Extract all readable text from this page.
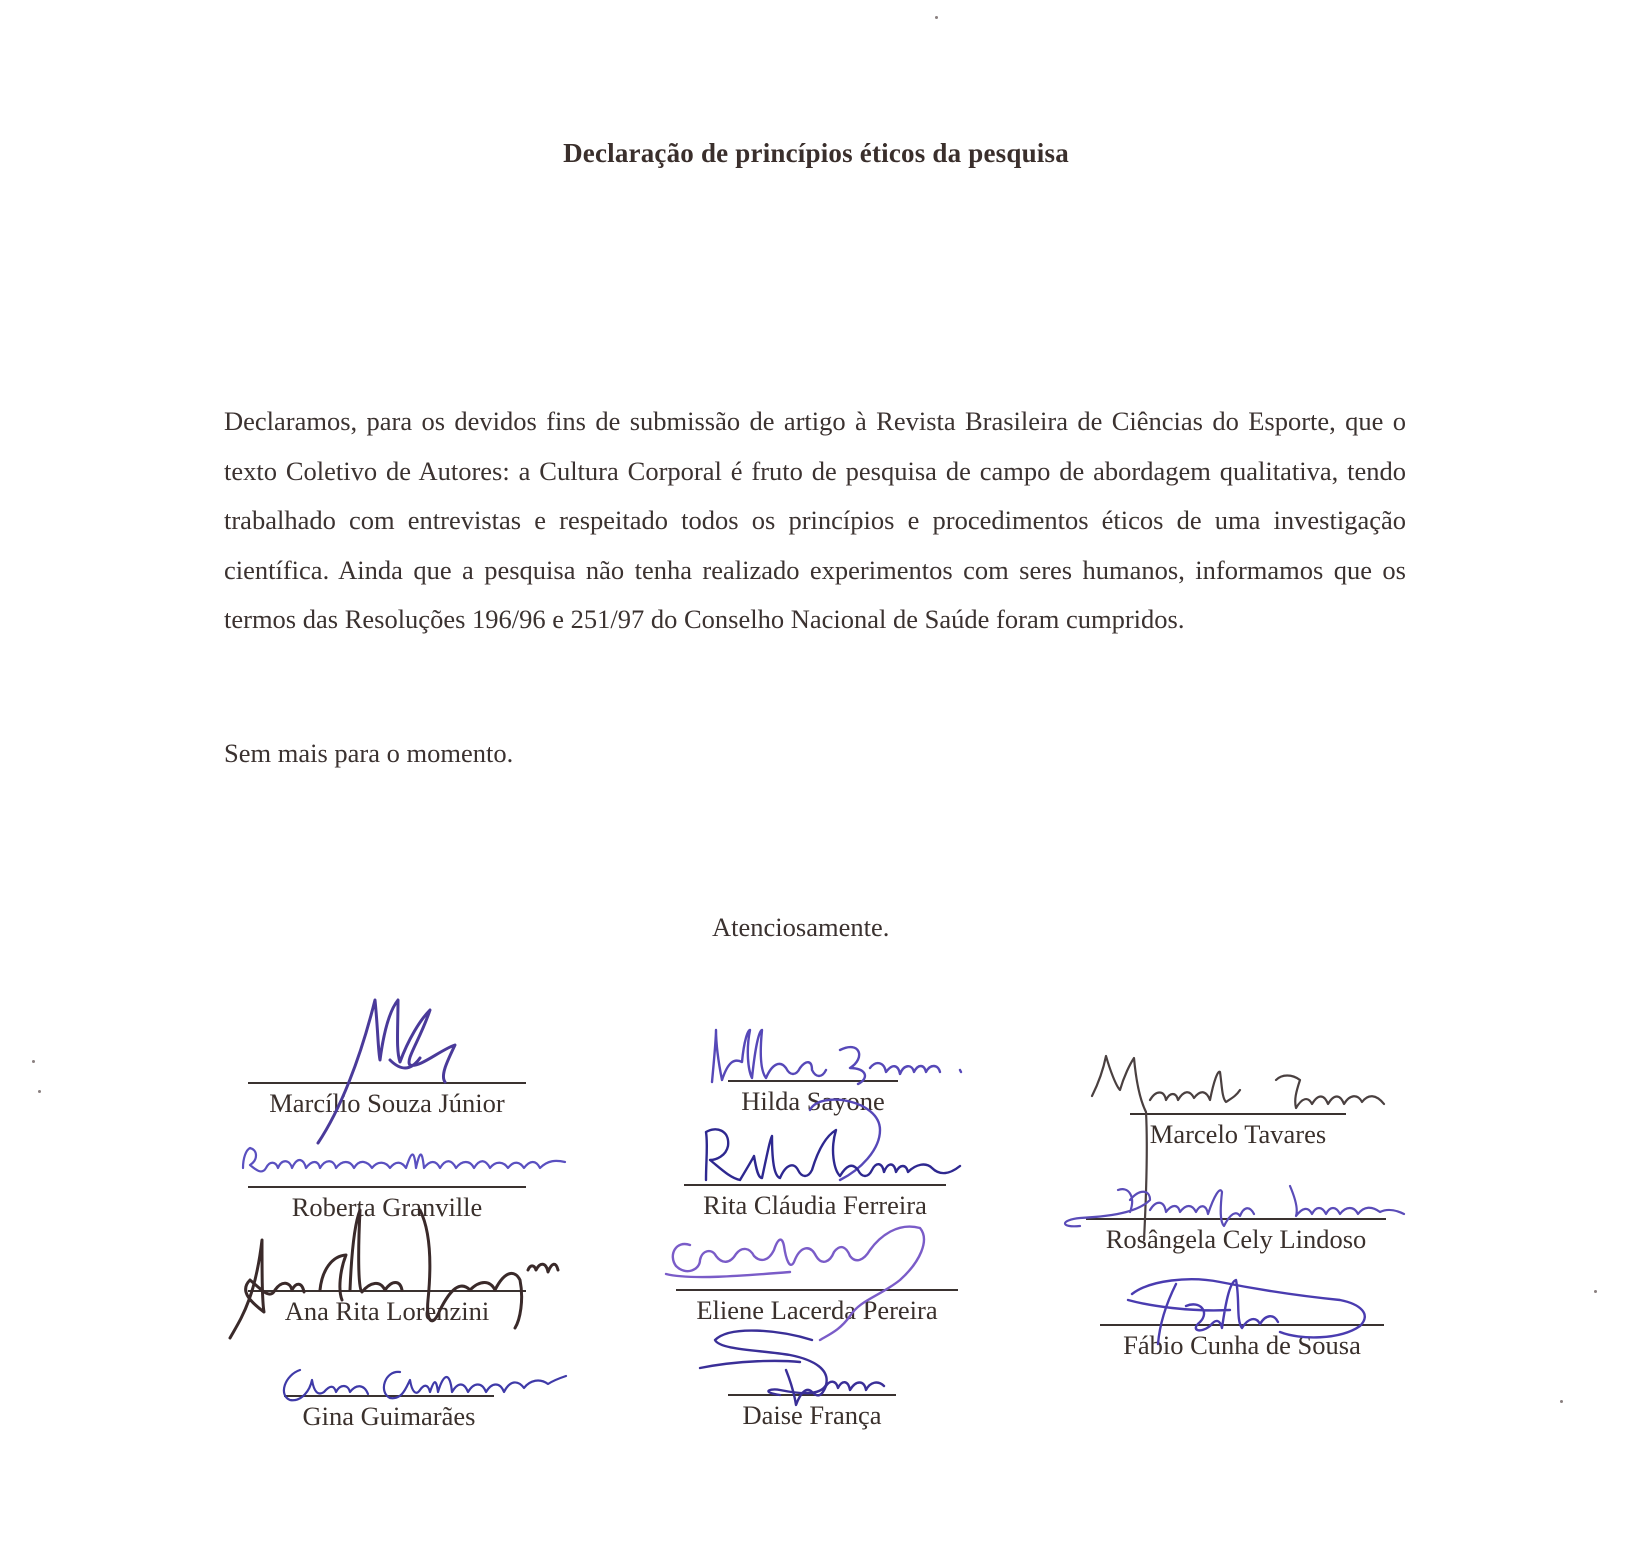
Declaração de princípios éticos da pesquisa

Declaramos, para os devidos fins de submissão de artigo à Revista Brasileira de Ciências do Esporte, que o texto Coletivo de Autores: a Cultura Corporal é fruto de pesquisa de campo de abordagem qualitativa, tendo trabalhado com entrevistas e respeitado todos os princípios e procedimentos éticos de uma investigação científica. Ainda que a pesquisa não tenha realizado experimentos com seres humanos, informamos que os termos das Resoluções 196/96 e 251/97 do Conselho Nacional de Saúde foram cumpridos.

Sem mais para o momento.
Atenciosamente.
Marcílio Souza Júnior
Roberta Granville
Ana Rita Lorenzini
Gina Guimarães
Hilda Sayone
Rita Cláudia Ferreira
Eliene Lacerda Pereira
Daise França
Marcelo Tavares
Rosângela Cely Lindoso
Fábio Cunha de Sousa
